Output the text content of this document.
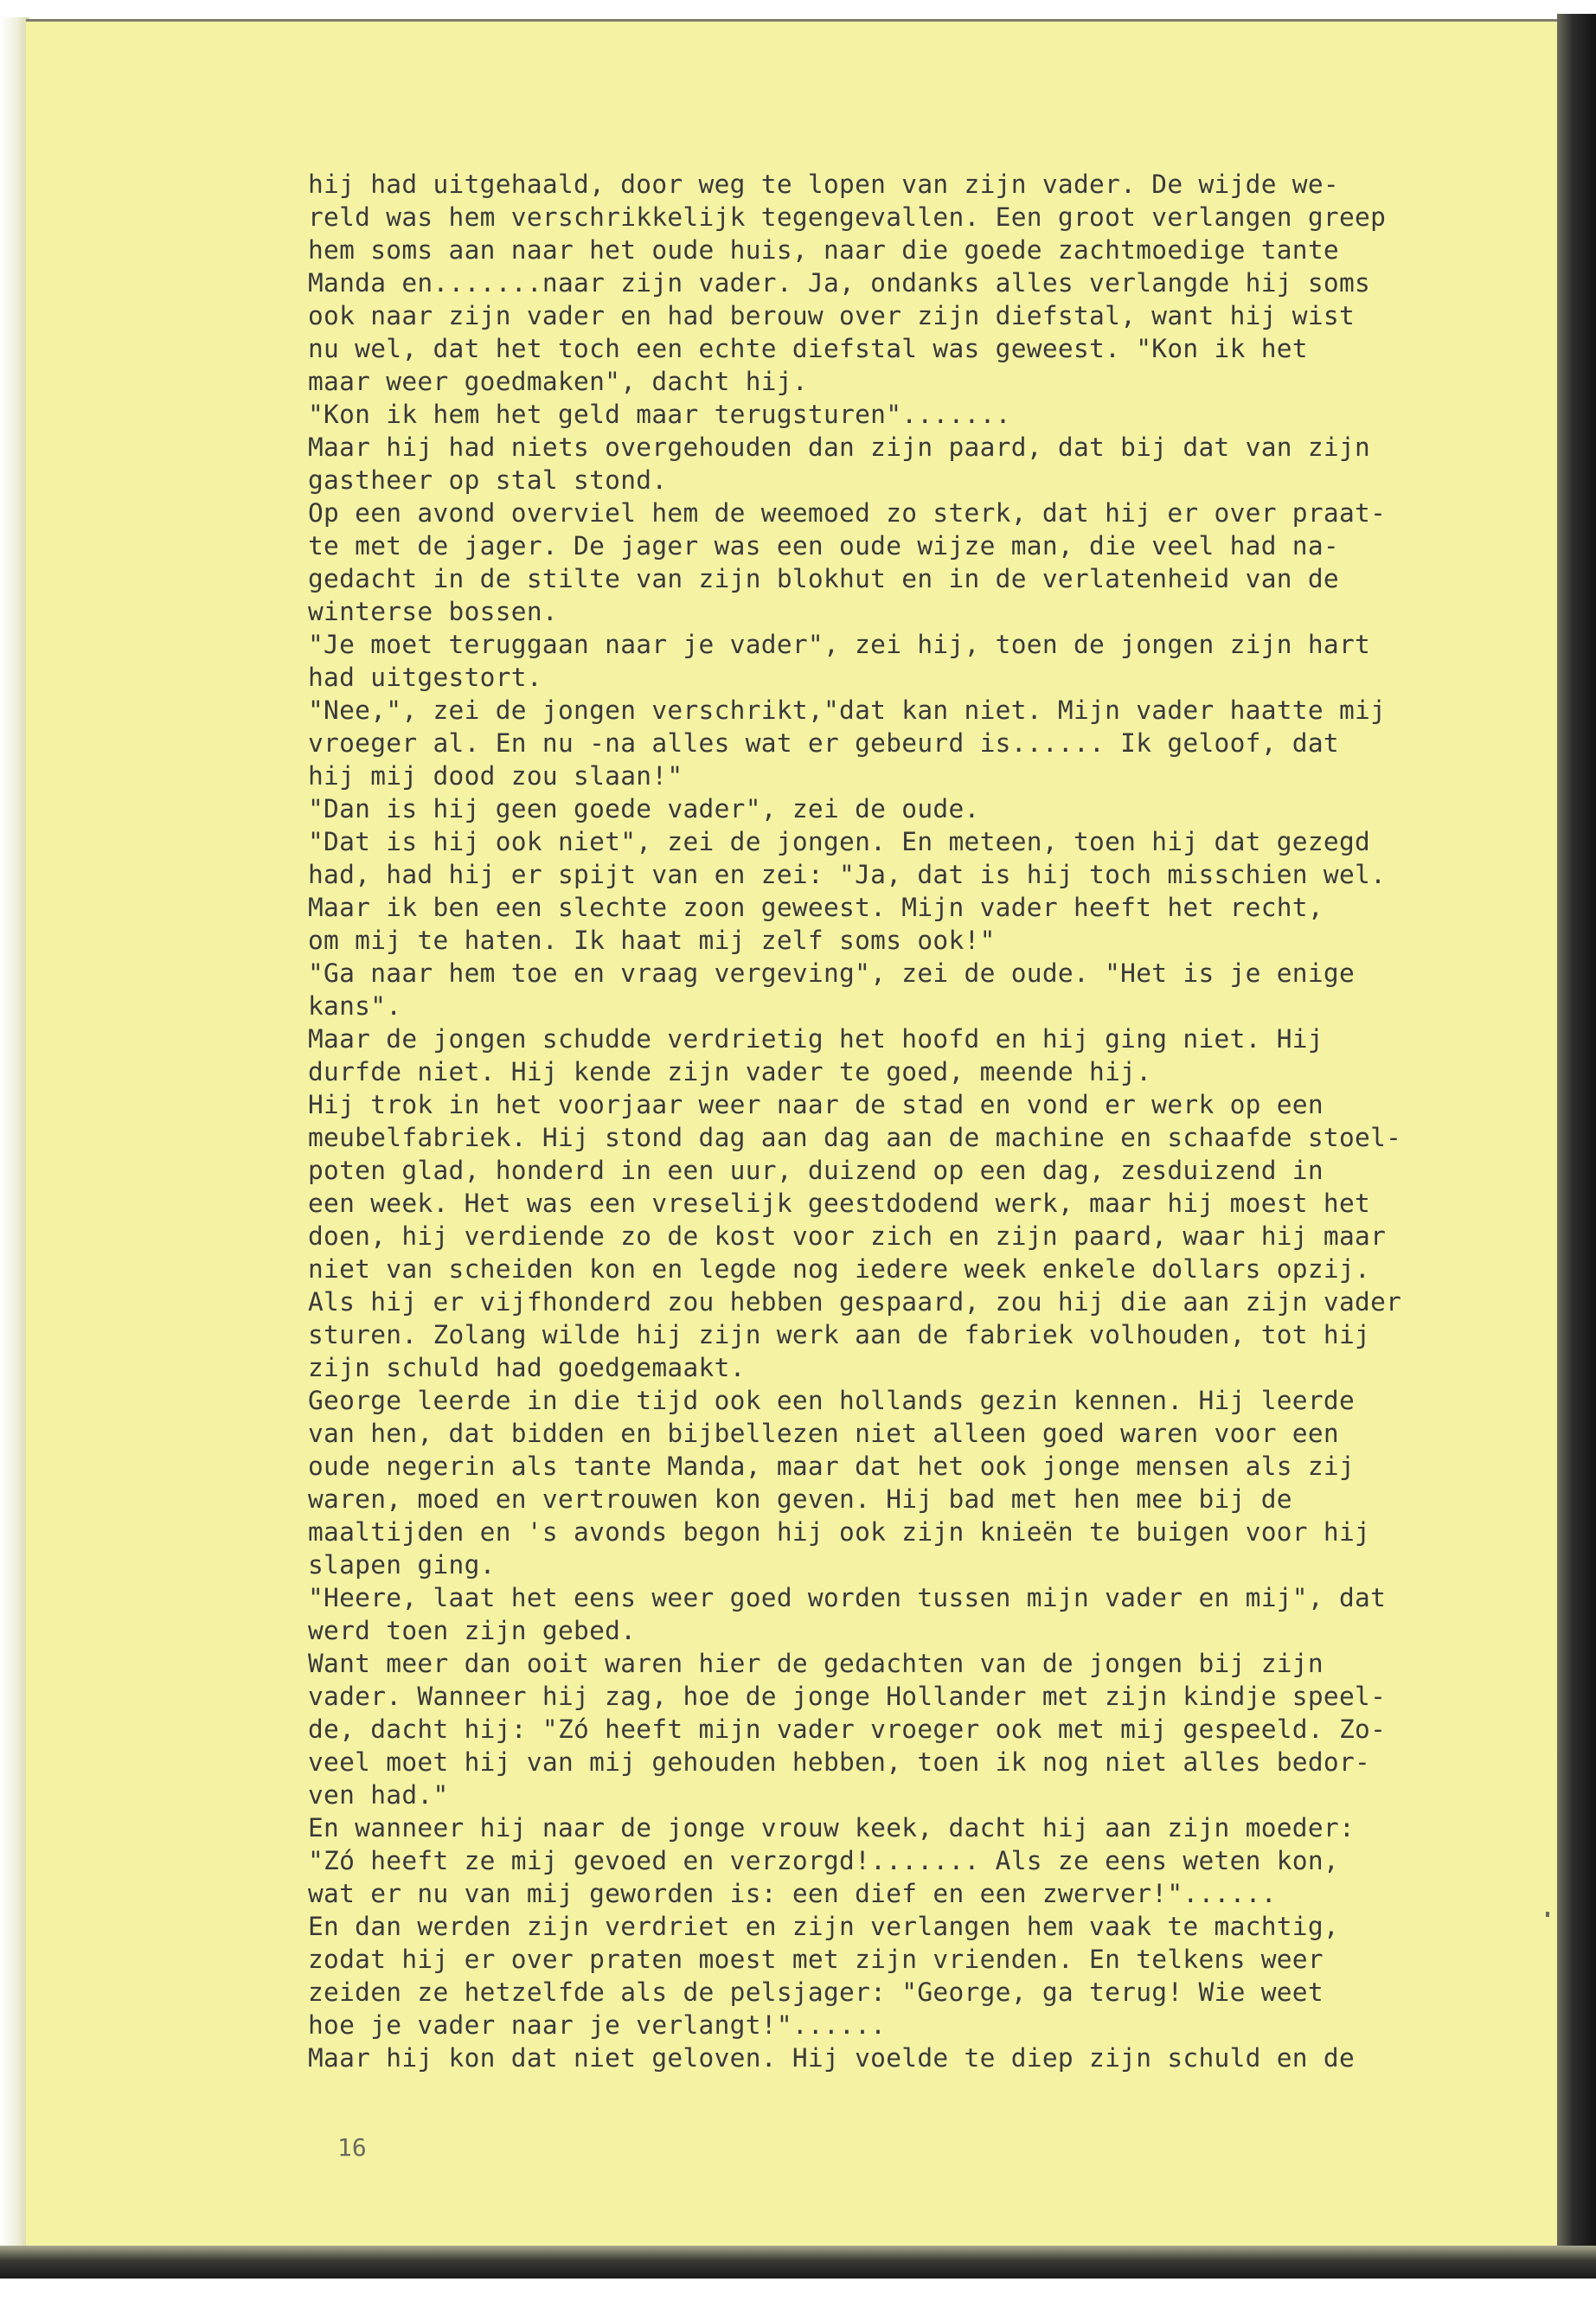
hij had uitgehaald, door weg te lopen van zijn vader. De wijde we-
reld was hem verschrikkelijk tegengevallen. Een groot verlangen greep
hem soms aan naar het oude huis, naar die goede zachtmoedige tante
Manda en.......naar zijn vader. Ja, ondanks alles verlangde hij soms
ook naar zijn vader en had berouw over zijn diefstal, want hij wist
nu wel, dat het toch een echte diefstal was geweest. "Kon ik het
maar weer goedmaken", dacht hij.
"Kon ik hem het geld maar terugsturen".......
Maar hij had niets overgehouden dan zijn paard, dat bij dat van zijn
gastheer op stal stond.
Op een avond overviel hem de weemoed zo sterk, dat hij er over praat-
te met de jager. De jager was een oude wijze man, die veel had na-
gedacht in de stilte van zijn blokhut en in de verlatenheid van de
winterse bossen.
"Je moet teruggaan naar je vader", zei hij, toen de jongen zijn hart
had uitgestort.
"Nee,", zei de jongen verschrikt,"dat kan niet. Mijn vader haatte mij
vroeger al. En nu -na alles wat er gebeurd is...... Ik geloof, dat
hij mij dood zou slaan!"
"Dan is hij geen goede vader", zei de oude.
"Dat is hij ook niet", zei de jongen. En meteen, toen hij dat gezegd
had, had hij er spijt van en zei: "Ja, dat is hij toch misschien wel.
Maar ik ben een slechte zoon geweest. Mijn vader heeft het recht,
om mij te haten. Ik haat mij zelf soms ook!"
"Ga naar hem toe en vraag vergeving", zei de oude. "Het is je enige
kans".
Maar de jongen schudde verdrietig het hoofd en hij ging niet. Hij
durfde niet. Hij kende zijn vader te goed, meende hij.
Hij trok in het voorjaar weer naar de stad en vond er werk op een
meubelfabriek. Hij stond dag aan dag aan de machine en schaafde stoel-
poten glad, honderd in een uur, duizend op een dag, zesduizend in
een week. Het was een vreselijk geestdodend werk, maar hij moest het
doen, hij verdiende zo de kost voor zich en zijn paard, waar hij maar
niet van scheiden kon en legde nog iedere week enkele dollars opzij.
Als hij er vijfhonderd zou hebben gespaard, zou hij die aan zijn vader
sturen. Zolang wilde hij zijn werk aan de fabriek volhouden, tot hij
zijn schuld had goedgemaakt.
George leerde in die tijd ook een hollands gezin kennen. Hij leerde
van hen, dat bidden en bijbellezen niet alleen goed waren voor een
oude negerin als tante Manda, maar dat het ook jonge mensen als zij
waren, moed en vertrouwen kon geven. Hij bad met hen mee bij de
maaltijden en 's avonds begon hij ook zijn knieën te buigen voor hij
slapen ging.
"Heere, laat het eens weer goed worden tussen mijn vader en mij", dat
werd toen zijn gebed.
Want meer dan ooit waren hier de gedachten van de jongen bij zijn
vader. Wanneer hij zag, hoe de jonge Hollander met zijn kindje speel-
de, dacht hij: "Zó heeft mijn vader vroeger ook met mij gespeeld. Zo-
veel moet hij van mij gehouden hebben, toen ik nog niet alles bedor-
ven had."
En wanneer hij naar de jonge vrouw keek, dacht hij aan zijn moeder:
"Zó heeft ze mij gevoed en verzorgd!....... Als ze eens weten kon,
wat er nu van mij geworden is: een dief en een zwerver!"......
En dan werden zijn verdriet en zijn verlangen hem vaak te machtig,
zodat hij er over praten moest met zijn vrienden. En telkens weer
zeiden ze hetzelfde als de pelsjager: "George, ga terug! Wie weet
hoe je vader naar je verlangt!"......
Maar hij kon dat niet geloven. Hij voelde te diep zijn schuld en de
16
